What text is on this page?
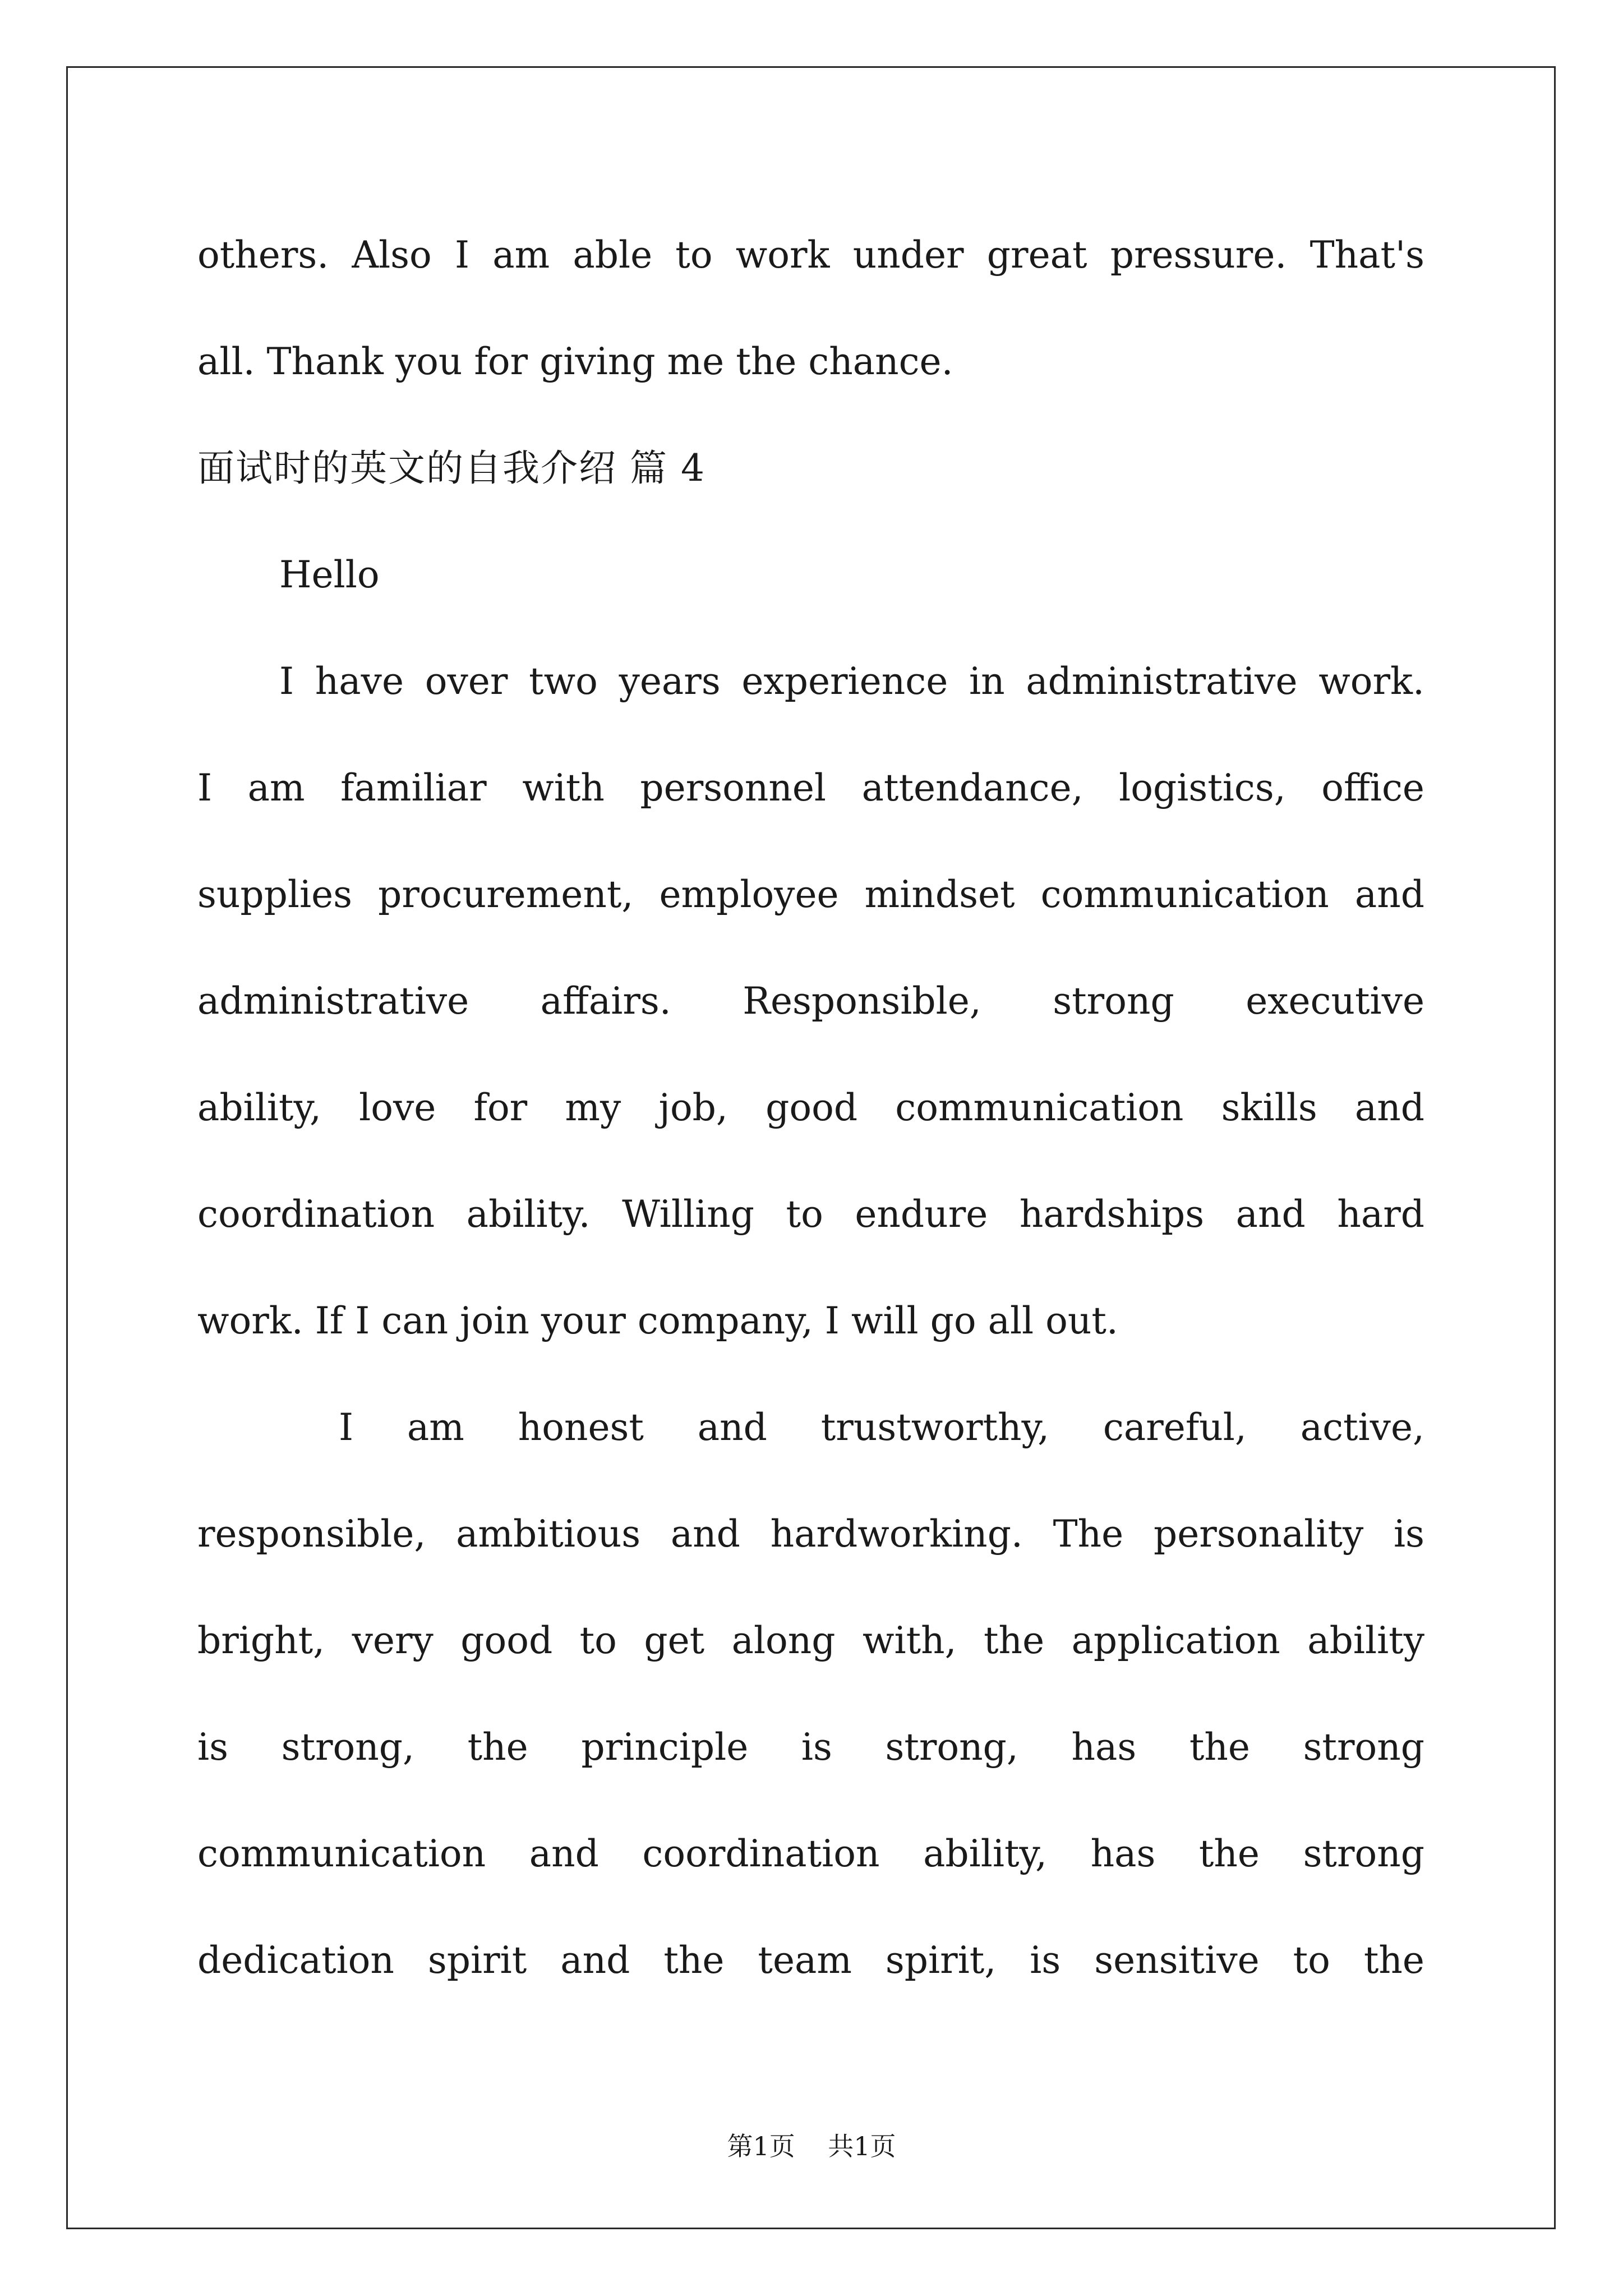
others. Also I am able to work under great pressure. That's
all. Thank you for giving me the chance.
面试时的英文的自我介绍 篇 4
Hello
I have over two years experience in administrative work.
I am familiar with personnel attendance, logistics, office
supplies procurement, employee mindset communication and
administrative affairs. Responsible, strong executive
ability, love for my job, good communication skills and
coordination ability. Willing to endure hardships and hard
work. If I can join your company, I will go all out.
I am honest and trustworthy, careful, active,
responsible, ambitious and hardworking. The personality is
bright, very good to get along with, the application ability
is strong, the principle is strong, has the strong
communication and coordination ability, has the strong
dedication spirit and the team spirit, is sensitive to the
第1页 共1页
